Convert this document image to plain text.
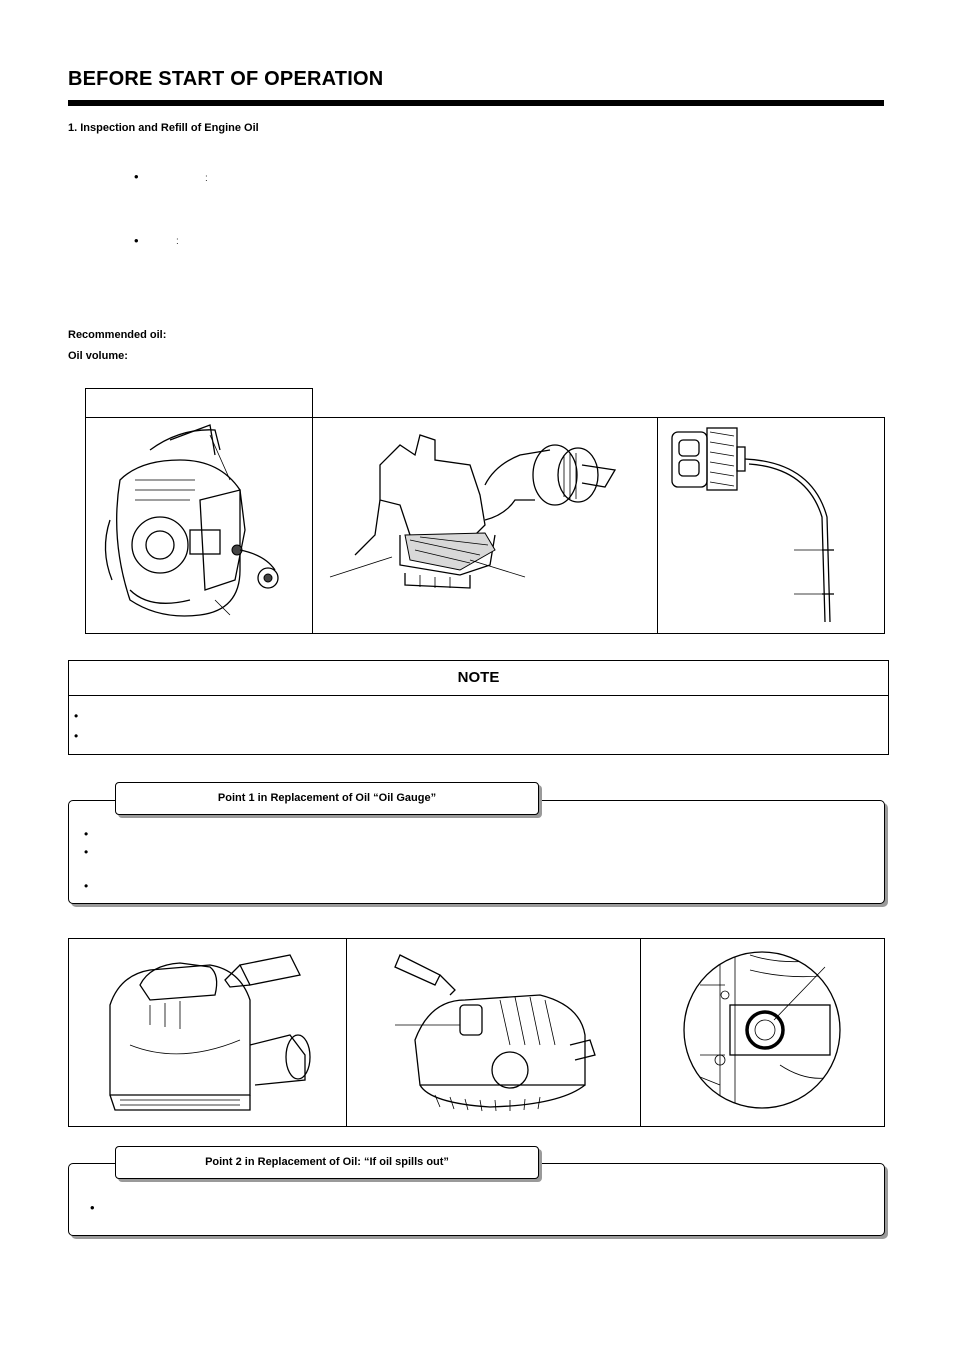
BEFORE START OF OPERATION
1. Inspection and Refill of Engine Oil
•	:
•	:
Recommended oil:
Oil volume:
NOTE
•
•
Point 1 in Replacement of Oil “Oil Gauge”
•
•
•
Point 2 in Replacement of Oil: “If oil spills out”
•
